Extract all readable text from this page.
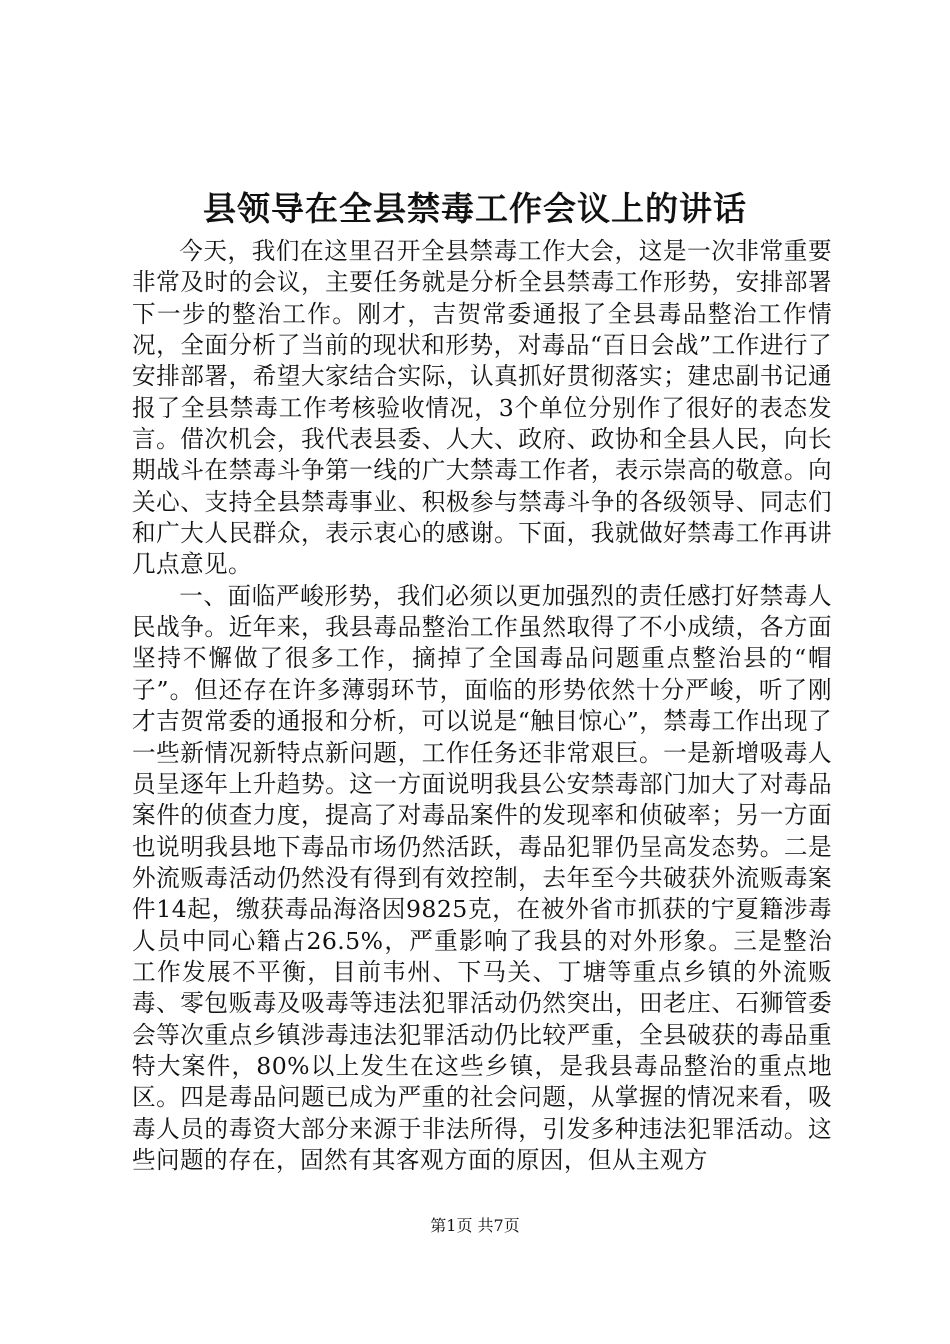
县领导在全县禁毒工作会议上的讲话

今天，我们在这里召开全县禁毒工作大会，这是一次非常重要非常及时的会议，主要任务就是分析全县禁毒工作形势，安排部署下一步的整治工作。刚才，吉贺常委通报了全县毒品整治工作情况，全面分析了当前的现状和形势，对毒品“百日会战”工作进行了安排部署，希望大家结合实际，认真抓好贯彻落实；建忠副书记通报了全县禁毒工作考核验收情况，3个单位分别作了很好的表态发言。借次机会，我代表县委、人大、政府、政协和全县人民，向长期战斗在禁毒斗争第一线的广大禁毒工作者，表示崇高的敬意。向关心、支持全县禁毒事业、积极参与禁毒斗争的各级领导、同志们和广大人民群众，表示衷心的感谢。下面，我就做好禁毒工作再讲几点意见。

一、面临严峻形势，我们必须以更加强烈的责任感打好禁毒人民战争。近年来，我县毒品整治工作虽然取得了不小成绩，各方面坚持不懈做了很多工作，摘掉了全国毒品问题重点整治县的“帽子”。但还存在许多薄弱环节，面临的形势依然十分严峻，听了刚才吉贺常委的通报和分析，可以说是“触目惊心”，禁毒工作出现了一些新情况新特点新问题，工作任务还非常艰巨。一是新增吸毒人员呈逐年上升趋势。这一方面说明我县公安禁毒部门加大了对毒品案件的侦查力度，提高了对毒品案件的发现率和侦破率；另一方面也说明我县地下毒品市场仍然活跃，毒品犯罪仍呈高发态势。二是外流贩毒活动仍然没有得到有效控制，去年至今共破获外流贩毒案件14起，缴获毒品海洛因9825克，在被外省市抓获的宁夏籍涉毒人员中同心籍占26.5%，严重影响了我县的对外形象。三是整治工作发展不平衡，目前韦州、下马关、丁塘等重点乡镇的外流贩毒、零包贩毒及吸毒等违法犯罪活动仍然突出，田老庄、石狮管委会等次重点乡镇涉毒违法犯罪活动仍比较严重，全县破获的毒品重特大案件，80%以上发生在这些乡镇，是我县毒品整治的重点地区。四是毒品问题已成为严重的社会问题，从掌握的情况来看，吸毒人员的毒资大部分来源于非法所得，引发多种违法犯罪活动。这些问题的存在，固然有其客观方面的原因，但从主观方

第1页 共7页
